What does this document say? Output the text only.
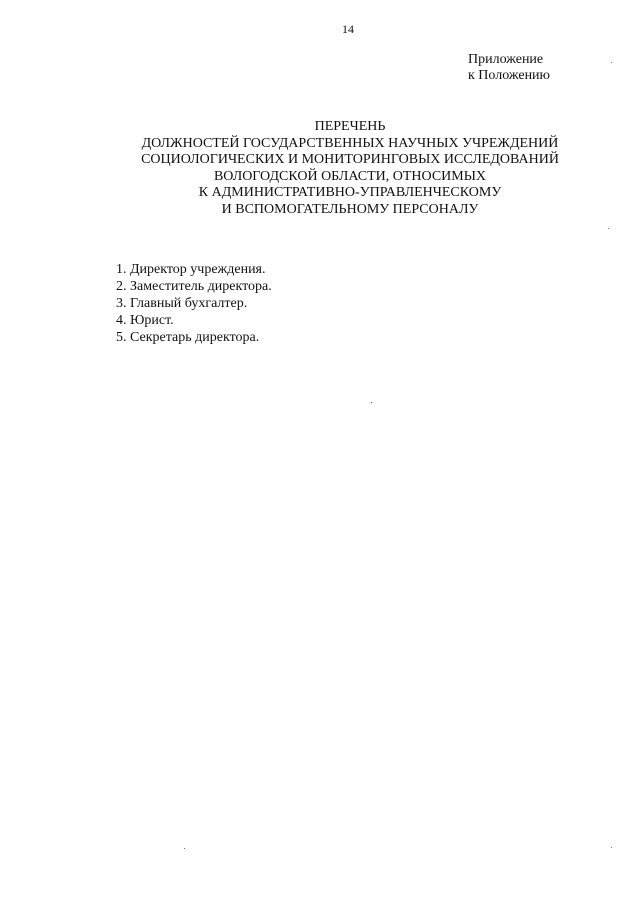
14
Приложение
к Положению
ПЕРЕЧЕНЬ
ДОЛЖНОСТЕЙ ГОСУДАРСТВЕННЫХ НАУЧНЫХ УЧРЕЖДЕНИЙ
СОЦИОЛОГИЧЕСКИХ И МОНИТОРИНГОВЫХ ИССЛЕДОВАНИЙ
ВОЛОГОДСКОЙ ОБЛАСТИ, ОТНОСИМЫХ
К АДМИНИСТРАТИВНО-УПРАВЛЕНЧЕСКОМУ
И ВСПОМОГАТЕЛЬНОМУ ПЕРСОНАЛУ
1. Директор учреждения.
2. Заместитель директора.
3. Главный бухгалтер.
4. Юрист.
5. Секретарь директора.
